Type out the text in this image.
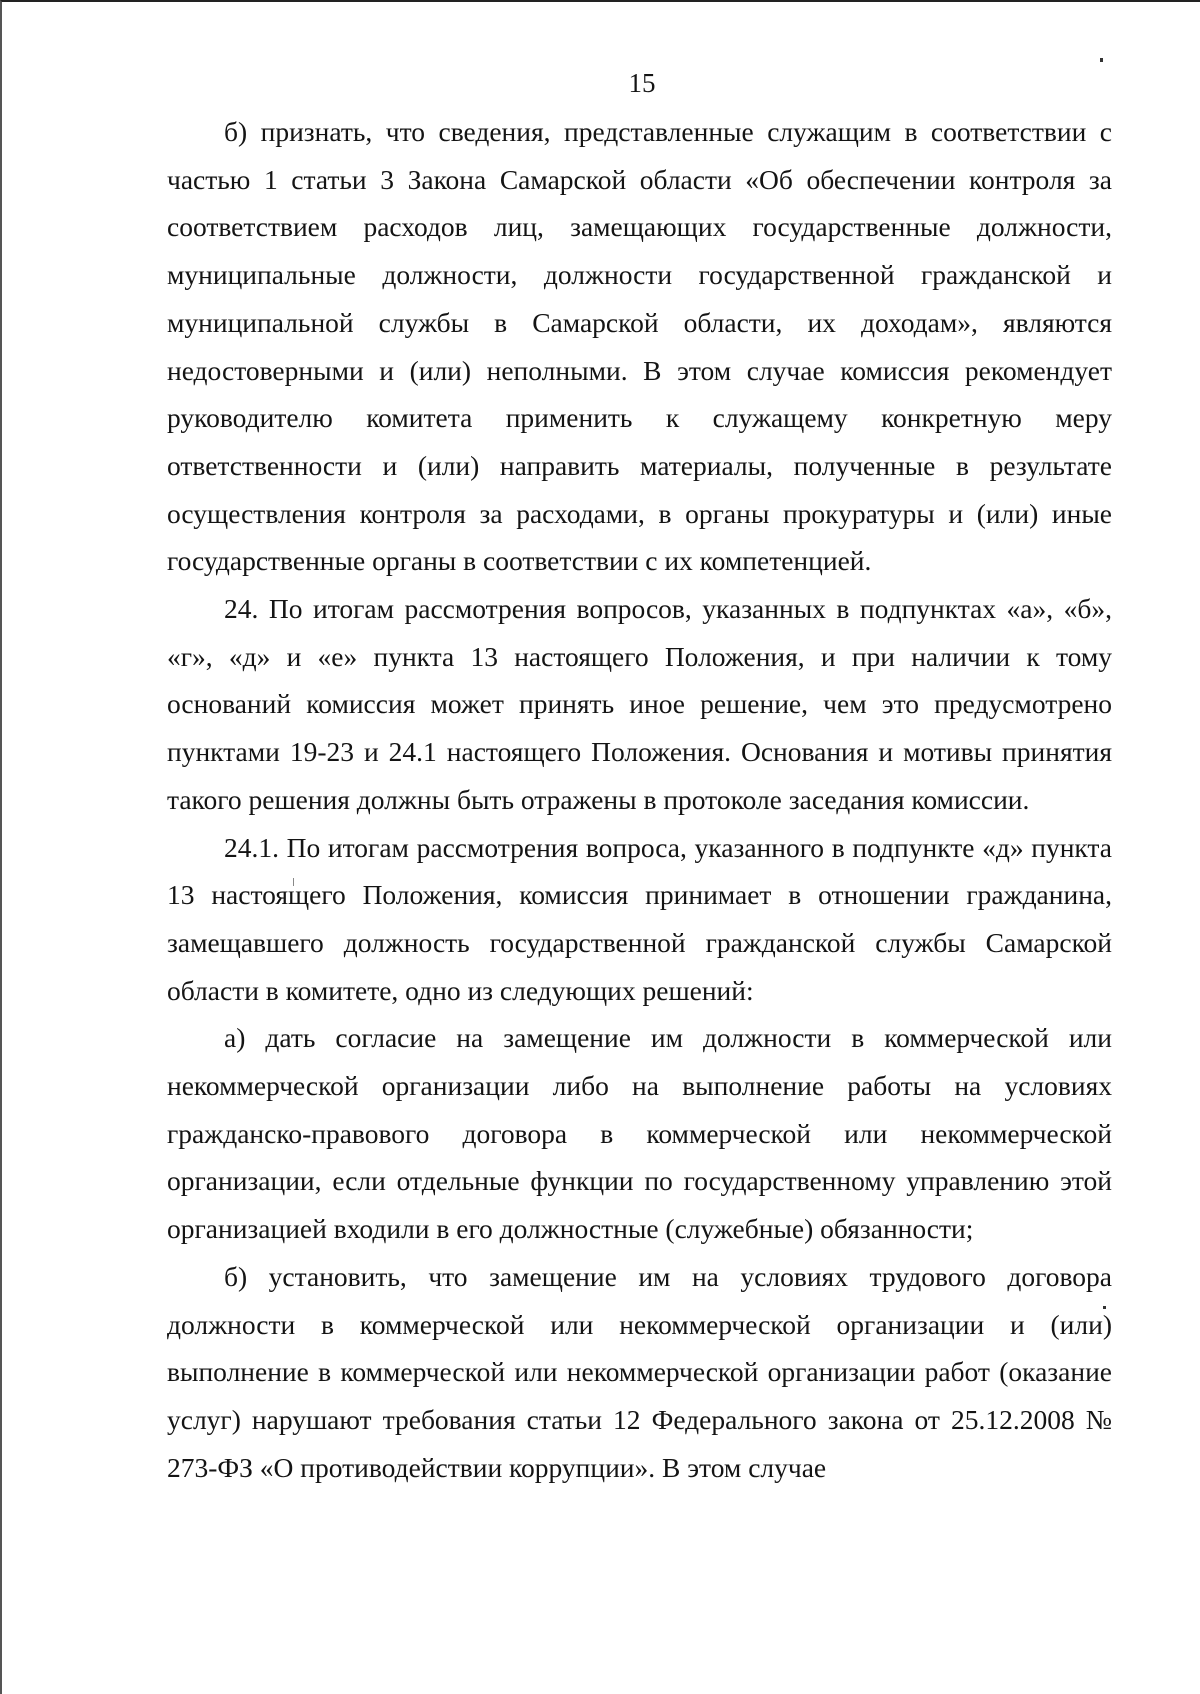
15

б) признать, что сведения, представленные служащим в соответствии с частью 1 статьи 3 Закона Самарской области «Об обеспечении контроля за соответствием расходов лиц, замещающих государственные должности, муниципальные должности, должности государственной гражданской и муниципальной службы в Самарской области, их доходам», являются недостоверными и (или) неполными. В этом случае комиссия рекомендует руководителю комитета применить к служащему конкретную меру ответственности и (или) направить материалы, полученные в результате осуществления контроля за расходами, в органы прокуратуры и (или) иные государственные органы в соответствии с их компетенцией.

24. По итогам рассмотрения вопросов, указанных в подпунктах «а», «б», «г», «д» и «е» пункта 13 настоящего Положения, и при наличии к тому оснований комиссия может принять иное решение, чем это предусмотрено пунктами 19-23 и 24.1 настоящего Положения. Основания и мотивы принятия такого решения должны быть отражены в протоколе заседания комиссии.

24.1. По итогам рассмотрения вопроса, указанного в подпункте «д» пункта 13 настоящего Положения, комиссия принимает в отношении гражданина, замещавшего должность государственной гражданской службы Самарской области в комитете, одно из следующих решений:

а) дать согласие на замещение им должности в коммерческой или некоммерческой организации либо на выполнение работы на условиях гражданско-правового договора в коммерческой или некоммерческой организации, если отдельные функции по государственному управлению этой организацией входили в его должностные (служебные) обязанности;

б) установить, что замещение им на условиях трудового договора должности в коммерческой или некоммерческой организации и (или) выполнение в коммерческой или некоммерческой организации работ (оказание услуг) нарушают требования статьи 12 Федерального закона от 25.12.2008 № 273-ФЗ «О противодействии коррупции». В этом случае
